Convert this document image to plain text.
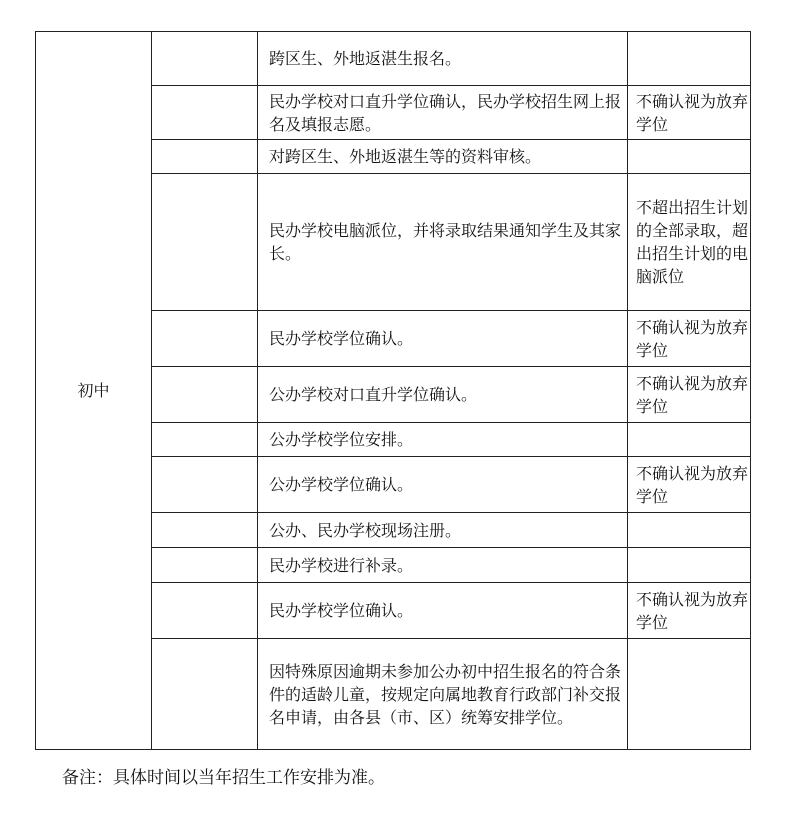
初中		跨区生、外地返湛生报名。	
		民办学校对口直升学位确认，民办学校招生网上报名及填报志愿。	不确认视为放弃学位
		对跨区生、外地返湛生等的资料审核。	
		民办学校电脑派位，并将录取结果通知学生及其家长。	不超出招生计划的全部录取，超出招生计划的电脑派位
		民办学校学位确认。	不确认视为放弃学位
		公办学校对口直升学位确认。	不确认视为放弃学位
		公办学校学位安排。	
		公办学校学位确认。	不确认视为放弃学位
		公办、民办学校现场注册。	
		民办学校进行补录。	
		民办学校学位确认。	不确认视为放弃学位
		因特殊原因逾期未参加公办初中招生报名的符合条件的适龄儿童，按规定向属地教育行政部门补交报名申请，由各县（市、区）统筹安排学位。	
备注：具体时间以当年招生工作安排为准。
